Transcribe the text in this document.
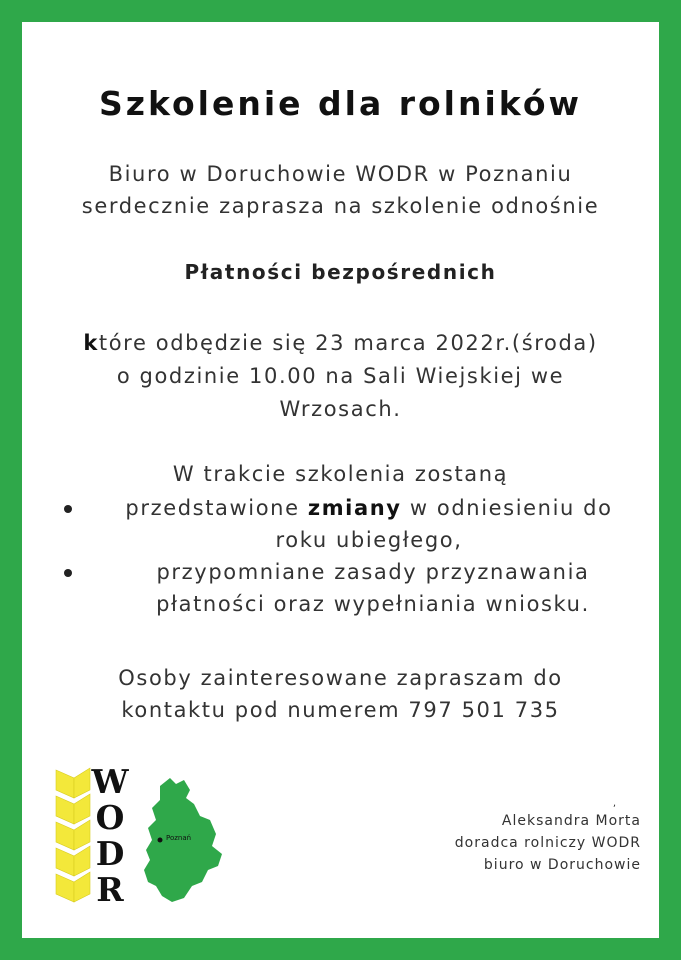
Szkolenie dla rolników
Biuro w Doruchowie WODR w Poznaniu
serdecznie zaprasza na szkolenie odnośnie
Płatności bezpośrednich
które odbędzie się 23 marca 2022r.(środa)
o godzinie 10.00 na Sali Wiejskiej we
Wrzosach.
W trakcie szkolenia zostaną
przedstawione zmiany w odniesieniu do
roku ubiegłego,
przypomniane zasady przyznawania
płatności oraz wypełniania wniosku.
Osoby zainteresowane zapraszam do
kontaktu pod numerem 797 501 735
W
O
D
R
Poznań
,
Aleksandra Morta
doradca rolniczy WODR
biuro w Doruchowie
